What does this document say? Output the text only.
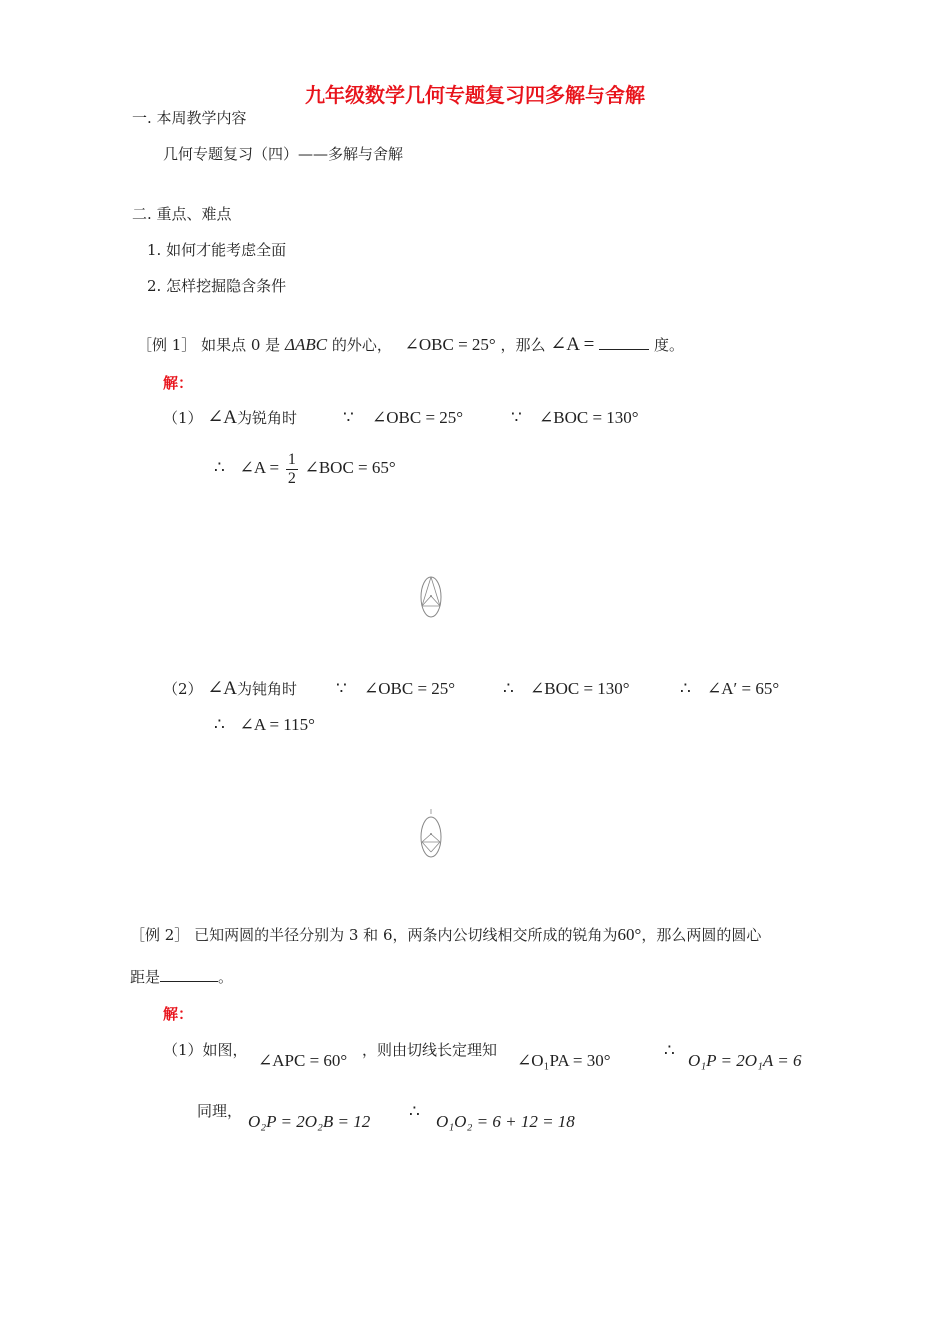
九年级数学几何专题复习四多解与舍解
一. 本周教学内容
几何专题复习（四）——多解与舍解
二. 重点、难点
1. 如何才能考虑全面
2. 怎样挖掘隐含条件
［例 1］ 如果点 0 是 ΔABC 的外心， ∠OBC = 25° ，那么 ∠A =	度。
解：
（1） ∠A为锐角时	∵ ∠OBC = 25°	∵ ∠BOC = 130°
∴ ∠A = $\frac{1}{2}$ ∠BOC = 65°
（2） ∠A为钝角时 ∵ ∠OBC = 25°	∴ ∠BOC = 130°	∴ ∠A′ = 65°
∴ ∠A = 115°
［例 2］ 已知两圆的半径分别为 3 和 6，两条内公切线相交所成的锐角为60°，那么两圆的圆心
距是	。
解：
（1）如图，
∠APC = 60°
，则由切线长定理知
∠O₁PA = 30°
∴
O₁P = 2O₁A = 6
同理，
O₂P = 2O₂B = 12
∴
O₁O₂ = 6 + 12 = 18
